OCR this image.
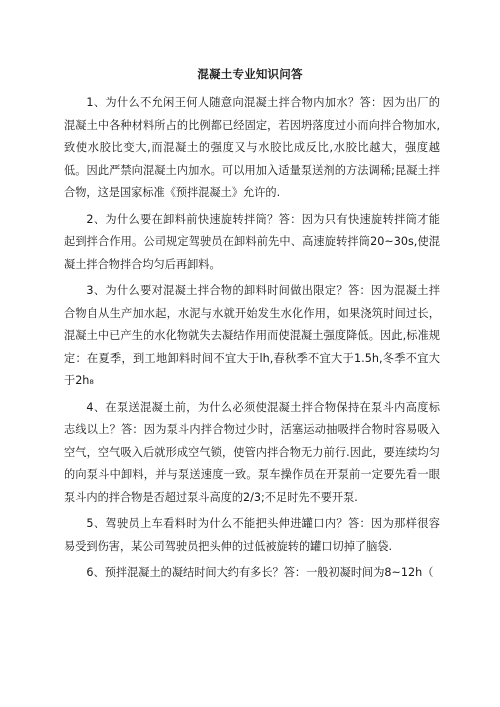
混凝土专业知识问答

1、为什么不允闲王何人随意向混凝土拌合物内加水？答：因为出厂的混凝土中各种材料所占的比例都已经固定，若因坍落度过小而向拌合物加水,致使水胶比变大,而混凝土的强度又与水胶比成反比,水胶比越大，强度越低。因此严禁向混凝土内加水。可以用加入适量泵送剂的方法调稀;昆凝土拌合物，这是国家标准《预拌混凝土》允许的.

2、为什么要在卸料前快速旋转拌筒？答：因为只有快速旋转拌筒才能起到拌合作用。公司规定驾驶员在卸料前先中、高速旋转拌筒20~30s,使混凝土拌合物拌合均匀后再卸料。

3、为什么要对混凝土拌合物的卸料时间做出限定？答：因为混凝土拌合物自从生产加水起，水泥与水就开始发生水化作用，如果浇筑时间过长，混凝土中已产生的水化物就失去凝结作用而使混凝土强度降低。因此,标准规定：在夏季，到工地卸料时间不宜大于lh,春秋季不宜大于1.5h,冬季不宜大于2h₈

4、在泵送混凝土前，为什么必须使混凝土拌合物保持在泵斗内高度标志线以上？答：因为泵斗内拌合物过少时，活塞运动抽吸拌合物时容易吸入空气，空气吸入后就形成空气锁，使管内拌合物无力前行.因此，要连续均匀的向泵斗中卸料，并与泵送速度一致。泵车操作员在开泵前一定要先看一眼泵斗内的拌合物是否超过泵斗高度的2/3;不足时先不要开泵.

5、驾驶员上车看料时为什么不能把头伸进罐口内？答：因为那样很容易受到伤害，某公司驾驶员把头伸的过低被旋转的罐口切掉了脑袋.

6、预拌混凝土的凝结时间大约有多长？答：一般初凝时间为8~12h（
